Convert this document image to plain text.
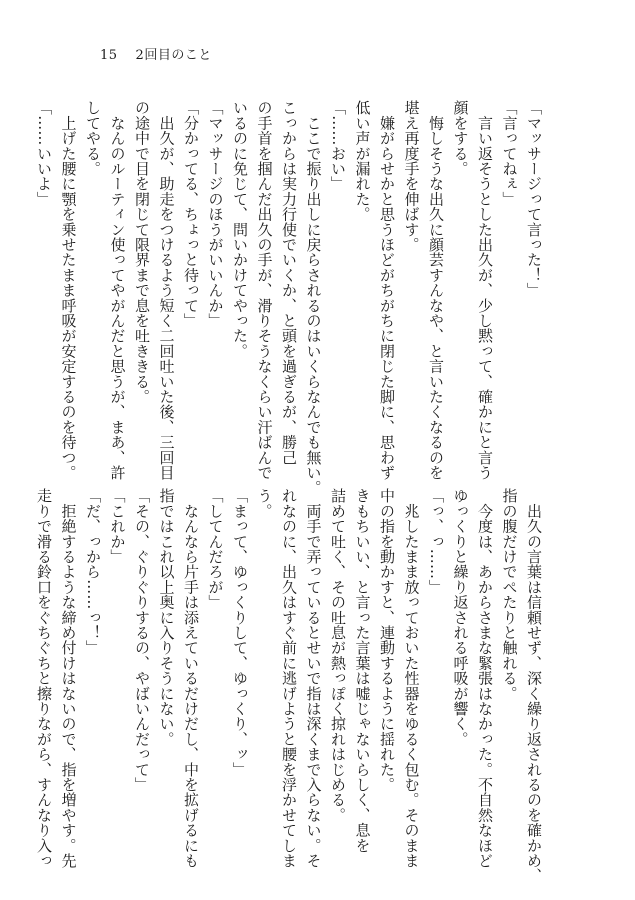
15 2回目のこと
「マッサージって言った！」
「言ってねぇ」
　言い返そうとした出久が、少し黙って、確かにと言う
顔をする。
　悔しそうな出久に顔芸すんなや、と言いたくなるのを
堪え再度手を伸ばす。
　嫌がらせかと思うほどがちがちに閉じた脚に、思わず
低い声が漏れた。
「……おい」
　ここで振り出しに戻らされるのはいくらなんでも無い。
こっからは実力行使でいくか、と頭を過ぎるが、勝己
の手首を掴んだ出久の手が、滑りそうなくらい汗ばんで
いるのに免じて、問いかけてやった。
「マッサージのほうがいいんか」
「分かってる、ちょっと待って」
　出久が、助走をつけるよう短く二回吐いた後、三回目
の途中で目を閉じて限界まで息を吐ききる。
　なんのルーティン使ってやがんだと思うが、まあ、許
してやる。
　上げた腰に顎を乗せたまま呼吸が安定するのを待つ。
「……いいよ」
　出久の言葉は信頼せず、深く繰り返されるのを確かめ、
指の腹だけでぺたりと触れる。
　今度は、あからさまな緊張はなかった。不自然なほど
ゆっくりと繰り返される呼吸が響く。
「っ、っ……」
　兆したまま放っておいた性器をゆるく包む。そのまま
中の指を動かすと、連動するように揺れた。
きもちいい、と言った言葉は嘘じゃないらしく、息を
詰めて吐く、その吐息が熱っぽく掠れはじめる。
　両手で弄っているとせいで指は深くまで入らない。そ
れなのに、出久はすぐ前に逃げようと腰を浮かせてしま
う。
「まって、ゆっくりして、ゆっくり、ッ」
「してんだろが」
　なんなら片手は添えているだけだし、中を拡げるにも
指ではこれ以上奥に入りそうにない。
「その、ぐりぐりするの、やばいんだって」
「これか」
「だ、っから……っ！」
　拒絶するような締め付けはないので、指を増やす。先
走りで滑る鈴口をぐちぐちと擦りながら、すんなり入っ
